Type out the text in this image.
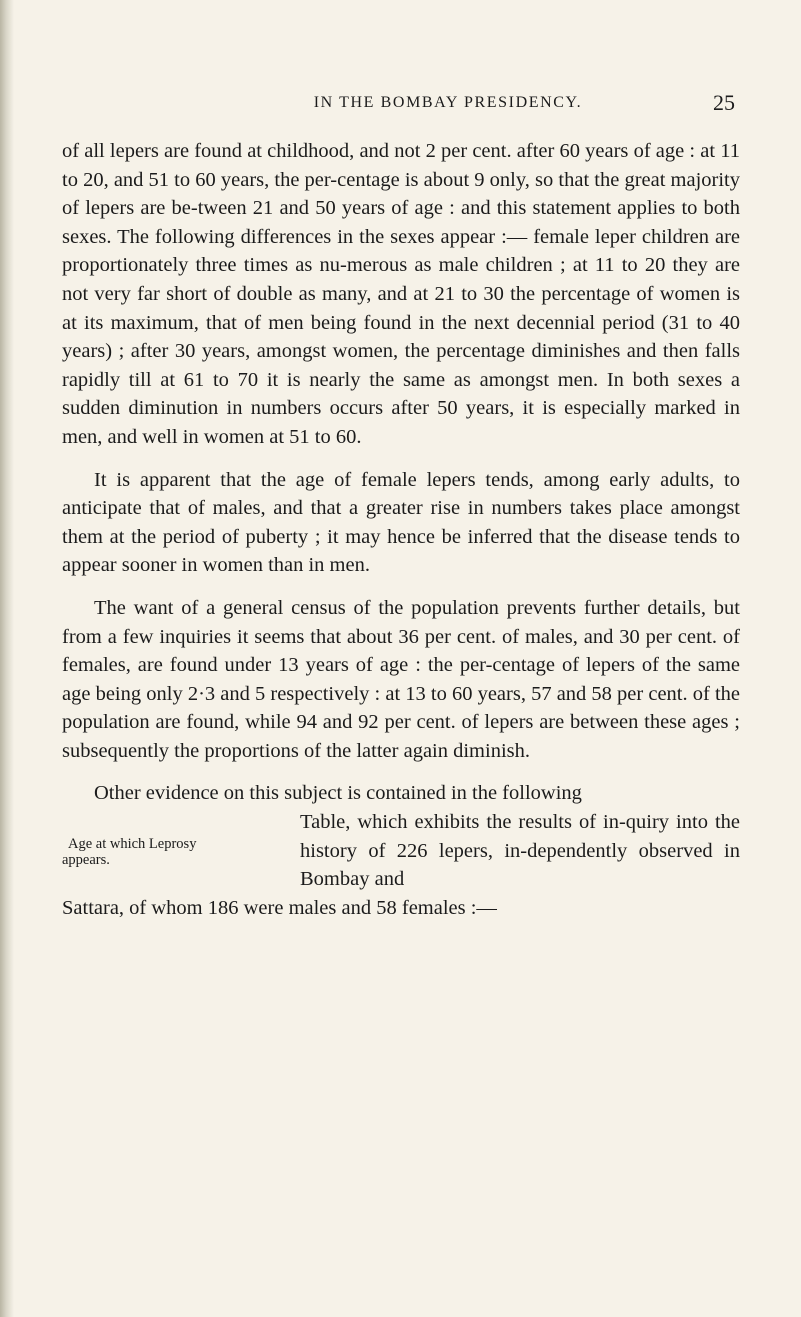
IN THE BOMBAY PRESIDENCY.	25

of all lepers are found at childhood, and not 2 per cent. after 60 years of age : at 11 to 20, and 51 to 60 years, the per-centage is about 9 only, so that the great majority of lepers are be-tween 21 and 50 years of age : and this statement applies to both sexes. The following differences in the sexes appear :— female leper children are proportionately three times as nu-merous as male children ; at 11 to 20 they are not very far short of double as many, and at 21 to 30 the percentage of women is at its maximum, that of men being found in the next decennial period (31 to 40 years) ; after 30 years, amongst women, the percentage diminishes and then falls rapidly till at 61 to 70 it is nearly the same as amongst men. In both sexes a sudden diminution in numbers occurs after 50 years, it is especially marked in men, and well in women at 51 to 60.

It is apparent that the age of female lepers tends, among early adults, to anticipate that of males, and that a greater rise in numbers takes place amongst them at the period of puberty ; it may hence be inferred that the disease tends to appear sooner in women than in men.

The want of a general census of the population prevents further details, but from a few inquiries it seems that about 36 per cent. of males, and 30 per cent. of females, are found under 13 years of age : the per-centage of lepers of the same age being only 2·3 and 5 respectively : at 13 to 60 years, 57 and 58 per cent. of the population are found, while 94 and 92 per cent. of lepers are between these ages ; subsequently the proportions of the latter again diminish.

Other evidence on this subject is contained in the following
Age at which Leprosy
appears.
Table, which exhibits the results of in-quiry into the history of 226 lepers, in-dependently observed in Bombay and
Sattara, of whom 186 were males and 58 females :—
